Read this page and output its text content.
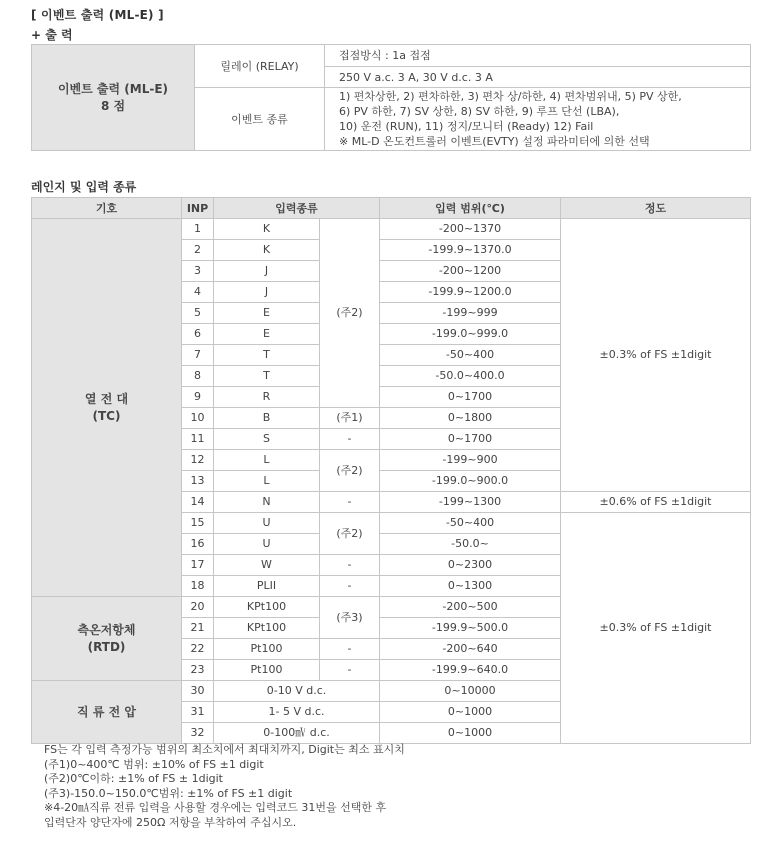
[ 이벤트 출력 (ML-E) ]
+ 출 력
이벤트 출력 (ML-E)
8 점	릴레이 (RELAY)	접점방식 : 1a 접점
		250 V a.c. 3 A, 30 V d.c. 3 A
	이벤트 종류	1) 편차상한, 2) 편차하한, 3) 편차 상/하한, 4) 편차범위내, 5) PV 상한,
6) PV 하한, 7) SV 상한, 8) SV 하한, 9) 루프 단선 (LBA),
10) 운전 (RUN), 11) 정지/모니터 (Ready) 12) Fail
※ ML-D 온도컨트롤러 이벤트(EVTY) 설정 파라미터에 의한 선택
레인지 및 입력 종류
기호	INP	입력종류		입력 범위(℃)	정도

열 전 대
(TC)	1	K	(주2)	-200~1370	±0.3% of FS ±1digit
	2	K		-199.9~1370.0	
	3	J		-200~1200	
	4	J		-199.9~1200.0	
	5	E		-199~999	
	6	E		-199.0~999.0	
	7	T		-50~400	
	8	T		-50.0~400.0	
	9	R		0~1700	
	10	B	(주1)	0~1800	
	11	S	-	0~1700	
	12	L	(주2)	-199~900	
	13	L		-199.0~900.0	
	14	N	-	-199~1300	±0.6% of FS ±1digit
	15	U	(주2)	-50~400	±0.3% of FS ±1digit
	16	U		-50.0~	
	17	W	-	0~2300	
	18	PLII	-	0~1300	

측온저항체
(RTD)	20	KPt100	(주3)	-200~500	
	21	KPt100		-199.9~500.0	
	22	Pt100	-	-200~640	
	23	Pt100	-	-199.9~640.0	
직 류 전 압	30	0-10 V d.c.		0~10000	
	31	1- 5 V d.c.		0~1000	
	32	0-100㎷ d.c.		0~1000	
FS는 각 입력 측정가능 범위의 최소치에서 최대치까지, Digit는 최소 표시치
(주1)0~400℃ 범위: ±10% of FS ±1 digit
(주2)0℃이하: ±1% of FS ± 1digit
(주3)-150.0~150.0℃범위: ±1% of FS ±1 digit
※4-20㎃직류 전류 입력을 사용할 경우에는 입력코드 31번을 선택한 후
입력단자 양단자에 250Ω 저항을 부착하여 주십시오.
